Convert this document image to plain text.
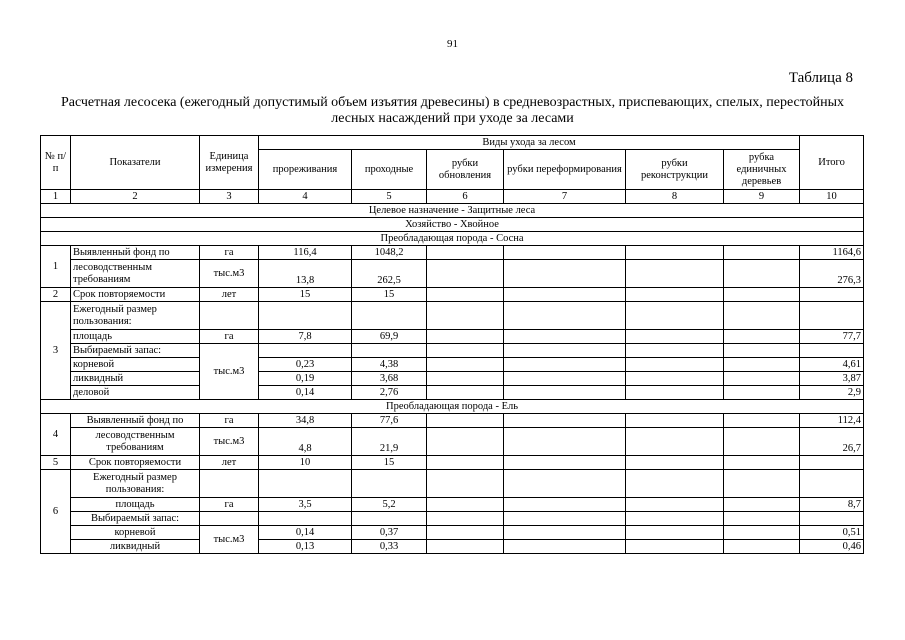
91
Таблица 8
Расчетная лесосека (ежегодный допустимый объем изъятия древесины) в средневозрастных, приспевающих, спелых, перестойных лесных насаждений при уходе за лесами
№ п/п	Показатели	Единица измерения	Виды ухода за лесом						Итого
			прореживания	проходные	рубки обновления	рубки переформирования	рубки реконструкции	рубка единичных деревьев	
1	2	3	4	5	6	7	8	9	10
Целевое назначение - Защитные леса									
Хозяйство - Хвойное									
Преобладающая порода - Сосна									
1	Выявленный фонд по	га	116,4	1048,2					1164,6

	лесоводственным
требованиям	тыс.м3	13,8	262,5					276,3
2	Срок повторяемости	лет	15	15					
3	Ежегодный размер
пользования:								

	площадь	га	7,8	69,9					77,7
	Выбираемый запас:	тыс.м3							
	корневой		0,23	4,38					4,61
	ликвидный		0,19	3,68					3,87
	деловой		0,14	2,76					2,9
Преобладающая порода - Ель									
4	Выявленный фонд по	га	34,8	77,6					112,4

	лесоводственным
требованиям	тыс.м3	4,8	21,9					26,7
5	Срок повторяемости	лет	10	15					
6	Ежегодный размер
пользования:								

	площадь	га	3,5	5,2					8,7
	Выбираемый запас:								
	корневой	тыс.м3	0,14	0,37					0,51
	ликвидный		0,13	0,33					0,46
